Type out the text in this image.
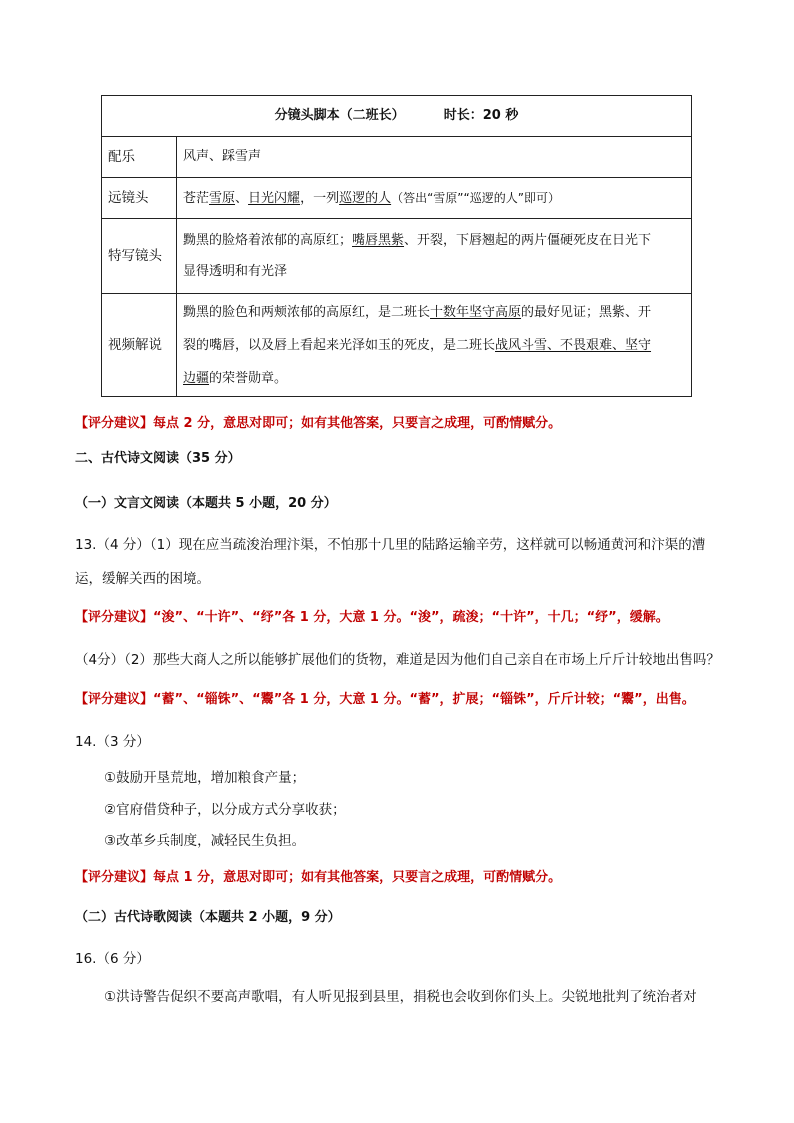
分镜头脚本（二班长） 时长：20 秒	
配乐	风声、踩雪声
远镜头	苍茫雪原、日光闪耀，一列巡逻的人（答出“雪原”“巡逻的人”即可）
特写镜头	黝黑的脸烙着浓郁的高原红；嘴唇黑紫、开裂，下唇翘起的两片僵硬死皮在日光下
显得透明和有光泽
视频解说	黝黑的脸色和两颊浓郁的高原红，是二班长十数年坚守高原的最好见证；黑紫、开
裂的嘴唇，以及唇上看起来光泽如玉的死皮，是二班长战风斗雪、不畏艰难、坚守
边疆的荣誉勋章。
【评分建议】每点 2 分，意思对即可；如有其他答案，只要言之成理，可酌情赋分。
二、古代诗文阅读（35 分）
（一）文言文阅读（本题共 5 小题，20 分）
13.（4 分）（1）现在应当疏浚治理汴渠，不怕那十几里的陆路运输辛劳，这样就可以畅通黄河和汴渠的漕
运，缓解关西的困境。
【评分建议】“浚”、“十许”、“纾”各 1 分，大意 1 分。“浚”，疏浚；“十许”，十几；“纾”，缓解。
（4分）（2）那些大商人之所以能够扩展他们的货物，难道是因为他们自己亲自在市场上斤斤计较地出售吗？
【评分建议】“蓄”、“锱铢”、“鬻”各 1 分，大意 1 分。“蓄”，扩展；“锱铢”，斤斤计较；“鬻”，出售。
14.（3 分）
①鼓励开垦荒地，增加粮食产量；
②官府借贷种子，以分成方式分享收获；
③改革乡兵制度，减轻民生负担。
【评分建议】每点 1 分，意思对即可；如有其他答案，只要言之成理，可酌情赋分。
（二）古代诗歌阅读（本题共 2 小题，9 分）
16.（6 分）
①洪诗警告促织不要高声歌唱，有人听见报到县里，捐税也会收到你们头上。尖锐地批判了统治者对
